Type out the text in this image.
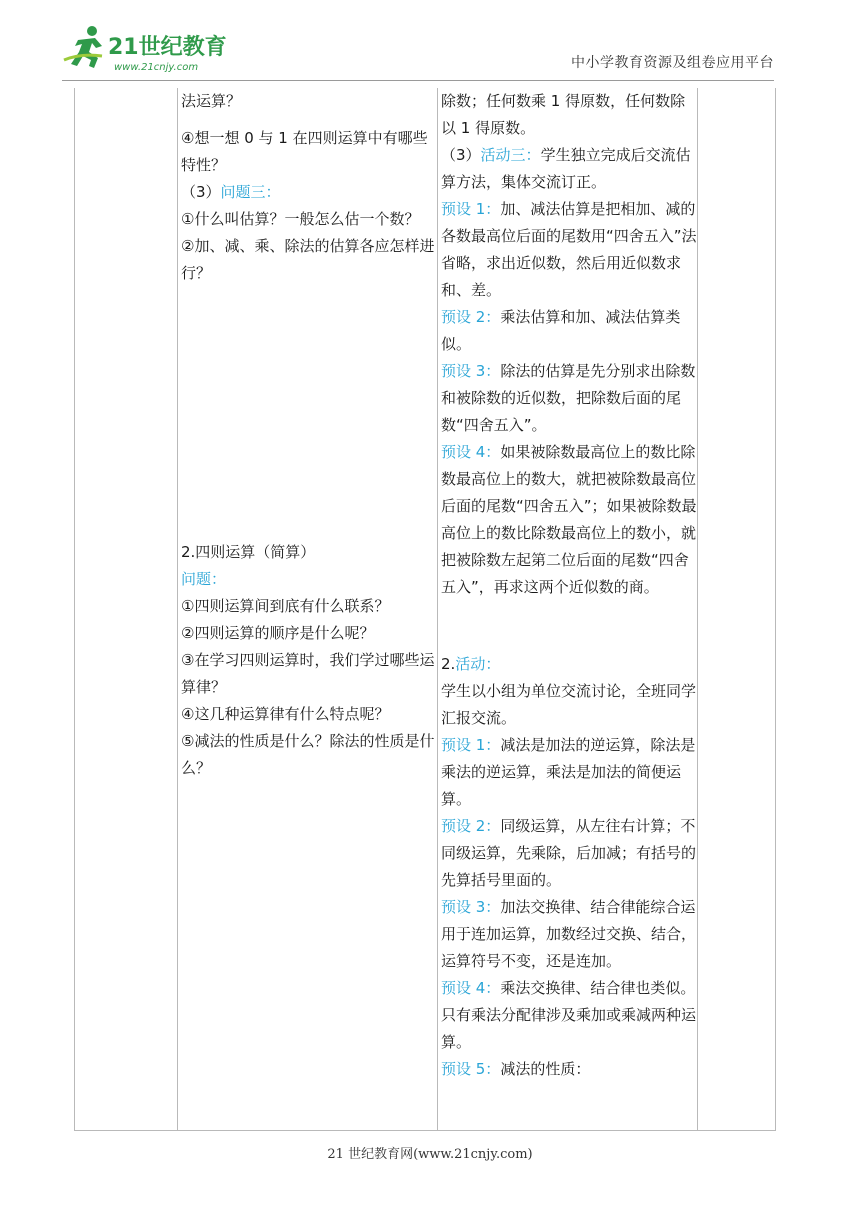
21世纪教育
www.21cnjy.com	中小学教育资源及组卷应用平台

法运算？

④想一想 0 与 1 在四则运算中有哪些特性？

（3）问题三：

①什么叫估算？一般怎么估一个数？

②加、减、乘、除法的估算各应怎样进行？

2.四则运算（简算）

问题：

①四则运算间到底有什么联系？

②四则运算的顺序是什么呢？

③在学习四则运算时，我们学过哪些运算律？

④这几种运算律有什么特点呢？

⑤减法的性质是什么？除法的性质是什么？

除数；任何数乘 1 得原数，任何数除以 1 得原数。

（3）活动三：学生独立完成后交流估算方法，集体交流订正。

预设 1：加、减法估算是把相加、减的各数最高位后面的尾数用“四舍五入”法省略，求出近似数，然后用近似数求和、差。

预设 2：乘法估算和加、减法估算类似。

预设 3：除法的估算是先分别求出除数和被除数的近似数，把除数后面的尾数“四舍五入”。

预设 4：如果被除数最高位上的数比除数最高位上的数大，就把被除数最高位后面的尾数“四舍五入”；如果被除数最高位上的数比除数最高位上的数小，就把被除数左起第二位后面的尾数“四舍五入”，再求这两个近似数的商。

2.活动：

学生以小组为单位交流讨论，全班同学汇报交流。

预设 1：减法是加法的逆运算，除法是乘法的逆运算，乘法是加法的简便运算。

预设 2：同级运算，从左往右计算；不同级运算，先乘除，后加减；有括号的先算括号里面的。

预设 3：加法交换律、结合律能综合运用于连加运算，加数经过交换、结合，运算符号不变，还是连加。

预设 4：乘法交换律、结合律也类似。只有乘法分配律涉及乘加或乘减两种运算。

预设 5：减法的性质：

21 世纪教育网(www.21cnjy.com)
